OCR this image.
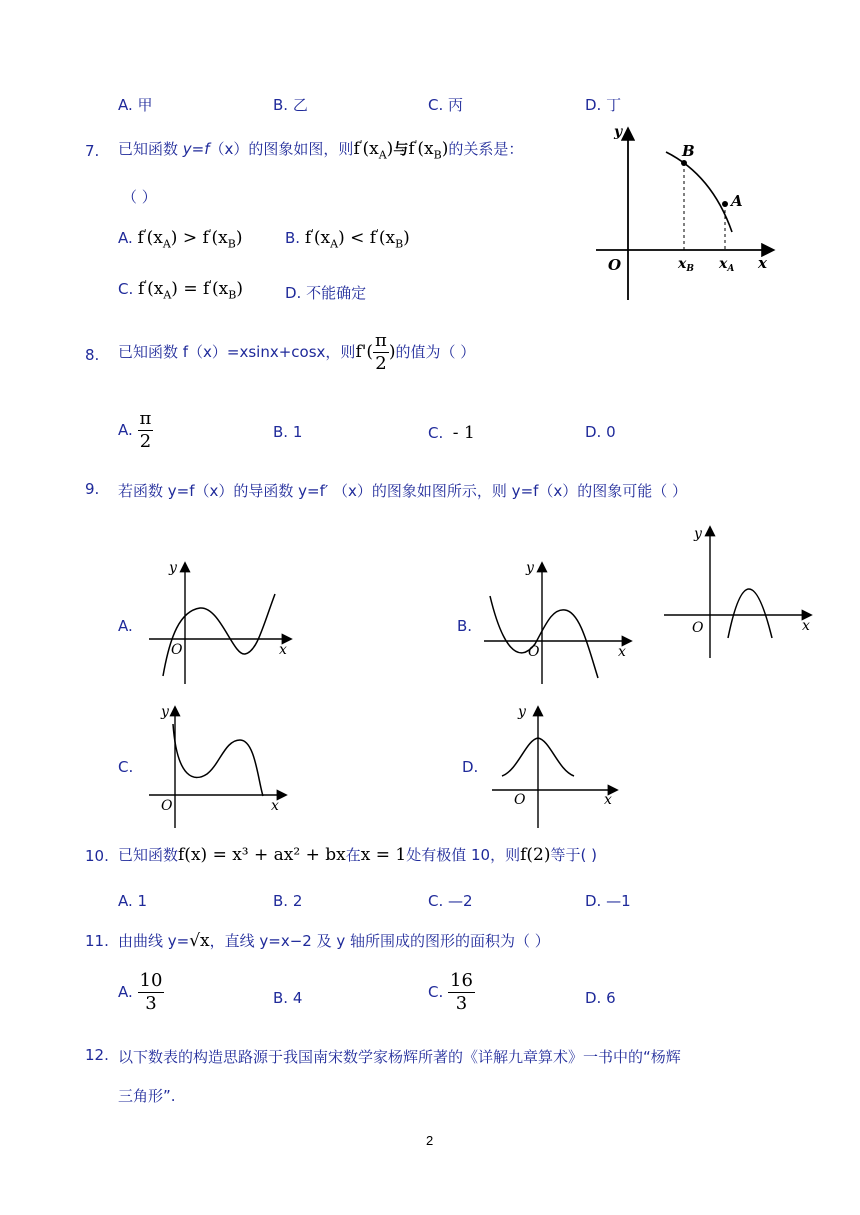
A. 甲	B. 乙	C. 丙	D. 丁
7. 已知函数 y=f（x）的图象如图，则$f'(x_A)$与$f'(x_B)$的关系是：
（ ）
A. $f'(x_A) > f'(x_B)$	B. $f'(x_A) < f'(x_B)$
C. $f'(x_A) = f'(x_B)$	D. 不能确定
B
A
O	$x_B$ $x_A$ x
y
8. 已知函数 f（x）=xsinx+cosx，则$f'( \frac{\pi}{2}$ )的值为（ ）
A. $\frac{\pi}{2}$	B. 1	C. - 1	D. 0
9. 若函数 y=f（x）的导函数 y=f′ （x）的图象如图所示，则 y=f（x）的图象可能（ ）
y
O	x
A.
y
O	x
B.
y
O	x
C.
y
O	x
D.
y
O	x
10. 已知函数f(x) = x³ + ax² + bx在x = 1处有极值 10，则f(2)等于( )
A. 1	B. 2	C. —2	D. —1
11. 由曲线 y=√x，直线 y=x−2 及 y 轴所围成的图形的面积为（ ）
A. $\frac{10}{3}$	B. 4	C. $\frac{16}{3}$	D. 6
12. 以下数表的构造思路源于我国南宋数学家杨辉所著的《详解九章算术》一书中的“杨辉
三角形”.
2
